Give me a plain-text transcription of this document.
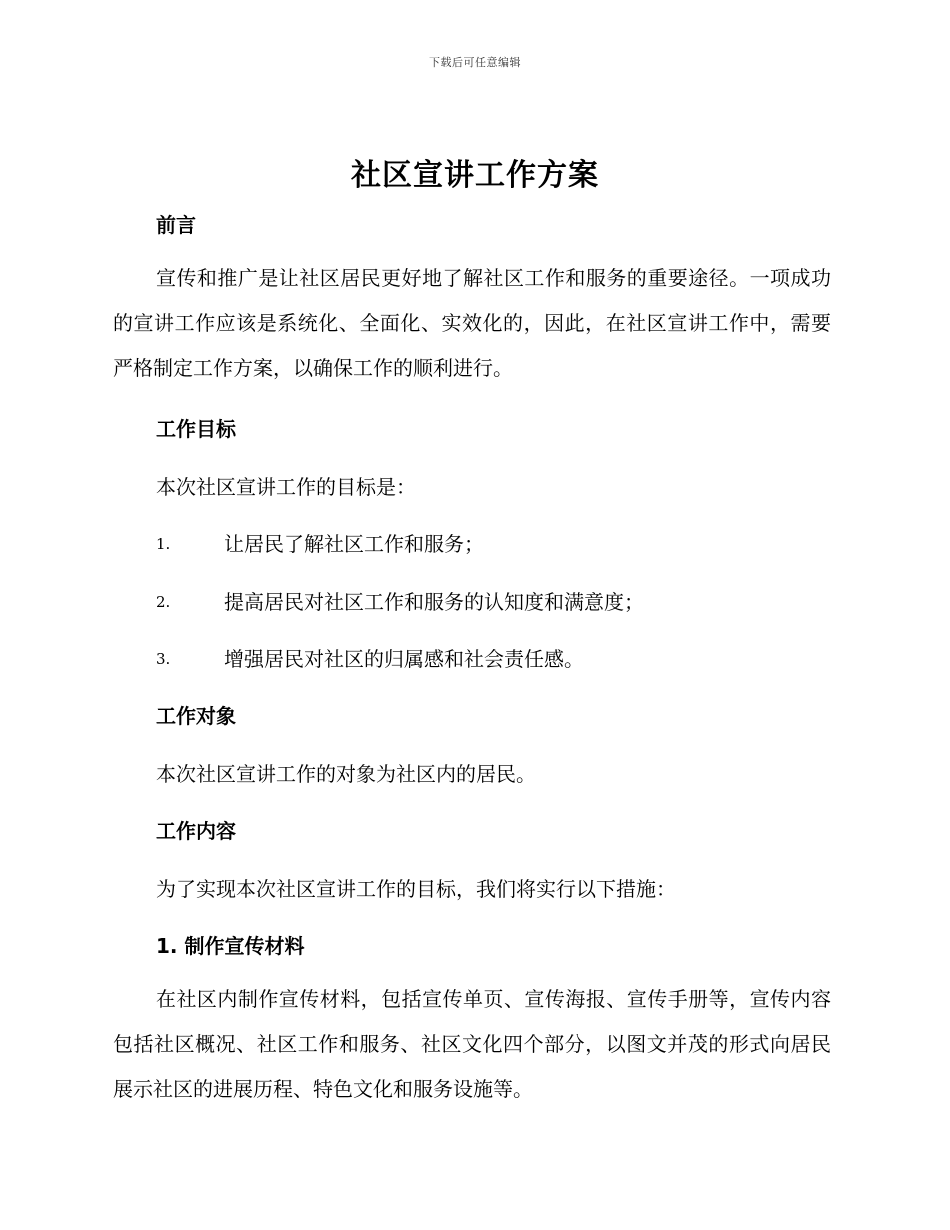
下载后可任意编辑
社区宣讲工作方案
前言

宣传和推广是让社区居民更好地了解社区工作和服务的重要途径。一项成功的宣讲工作应该是系统化、全面化、实效化的，因此，在社区宣讲工作中，需要严格制定工作方案，以确保工作的顺利进行。

工作目标

本次社区宣讲工作的目标是：

1.	让居民了解社区工作和服务；
2.	提高居民对社区工作和服务的认知度和满意度；
3.	增强居民对社区的归属感和社会责任感。
工作对象

本次社区宣讲工作的对象为社区内的居民。

工作内容

为了实现本次社区宣讲工作的目标，我们将实行以下措施：

1. 制作宣传材料

在社区内制作宣传材料，包括宣传单页、宣传海报、宣传手册等，宣传内容包括社区概况、社区工作和服务、社区文化四个部分，以图文并茂的形式向居民展示社区的进展历程、特色文化和服务设施等。
